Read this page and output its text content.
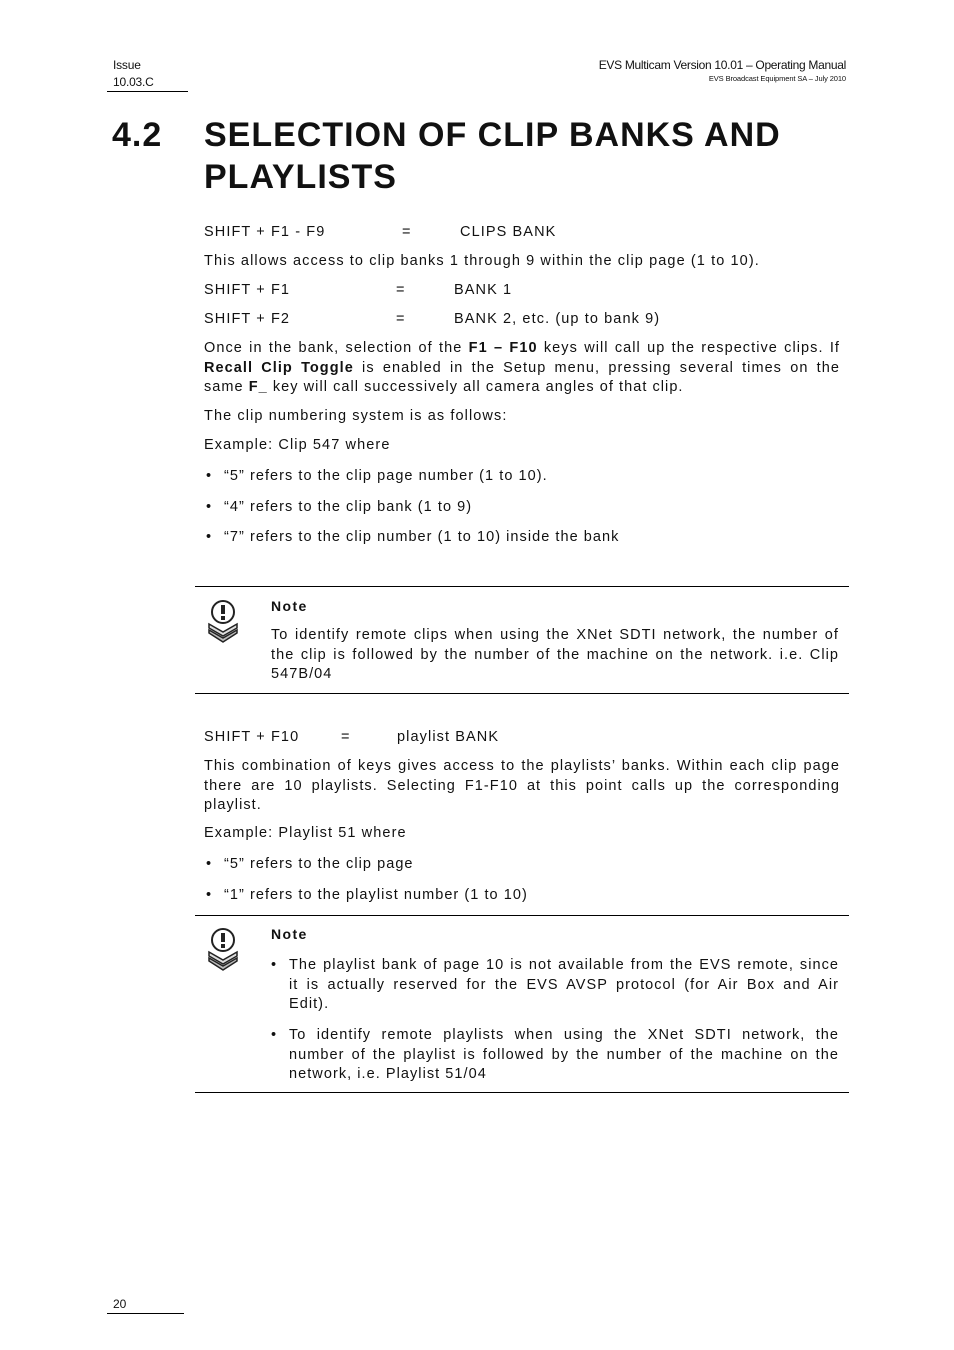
Issue
10.03.C
EVS Multicam Version 10.01 – Operating Manual
EVS Broadcast Equipment SA – July 2010
4.2 SELECTION OF CLIP BANKS AND
PLAYLISTS
SHIFT + F1 - F9	=	CLIPS BANK
This allows access to clip banks 1 through 9 within the clip page (1 to 10).
SHIFT + F1	=	BANK 1
SHIFT + F2	=	BANK 2, etc. (up to bank 9)
Once in the bank, selection of the F1 – F10 keys will call up the respective clips. If Recall Clip Toggle is enabled in the Setup menu, pressing several times on the same F_ key will call successively all camera angles of that clip.
The clip numbering system is as follows:
Example: Clip 547 where
• “5” refers to the clip page number (1 to 10).
• “4” refers to the clip bank (1 to 9)
• “7” refers to the clip number (1 to 10) inside the bank
Note
To identify remote clips when using the XNet SDTI network, the number of the clip is followed by the number of the machine on the network. i.e. Clip 547B/04
SHIFT + F10	=	playlist BANK
This combination of keys gives access to the playlists’ banks. Within each clip page there are 10 playlists. Selecting F1-F10 at this point calls up the corresponding playlist.
Example: Playlist 51 where
• “5” refers to the clip page
• “1” refers to the playlist number (1 to 10)
Note
• The playlist bank of page 10 is not available from the EVS remote, since it is actually reserved for the EVS AVSP protocol (for Air Box and Air Edit).
• To identify remote playlists when using the XNet SDTI network, the number of the playlist is followed by the number of the machine on the network, i.e. Playlist 51/04
20
